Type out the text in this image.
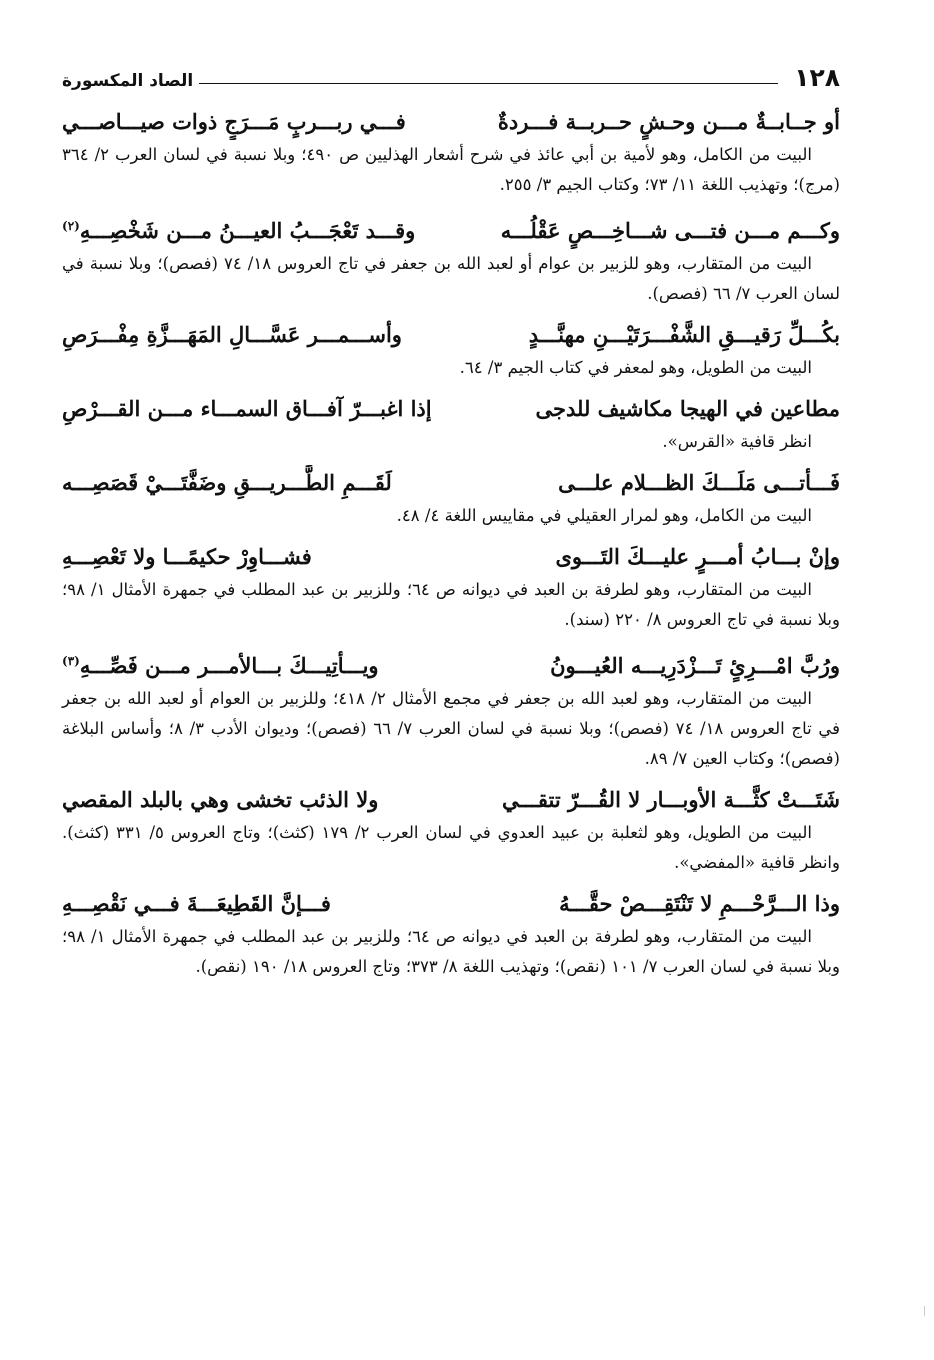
١٢٨
الصاد المكسورة
أو جــابــةٌ مـــن وحـشٍ حــربــة فـــردةٌ
فـــي ربـــربٍ مَـــرَجٍ ذوات صيـــاصـــي

البيت من الكامل، وهو لأمية بن أبي عائذ في شرح أشعار الهذليين ص ٤٩٠؛ وبلا نسبة في لسان العرب ٢/ ٣٦٤ (مرج)؛ وتهذيب اللغة ١١/ ٧٣؛ وكتاب الجيم ٣/ ٢٥٥.

وكـــم مـــن فتـــى شـــاخِـــصٍ عَقْلُـــه
وقـــد تَعْجَـــبُ العيـــنُ مـــن شَخْصِـــهِ$^{(٢)}$

البيت من المتقارب، وهو للزبير بن عوام أو لعبد الله بن جعفر في تاج العروس ١٨/ ٧٤ (فصص)؛ وبلا نسبة في لسان العرب ٧/ ٦٦ (فصص).

بكُـــلِّ رَقيـــقِ الشَّفْـــرَتَيْـــنِ مهنَّـــدٍ
وأســـمـــر عَسَّـــالِ المَهَـــزَّةِ مِفْـــرَصِ

البيت من الطويل، وهو لمعفر في كتاب الجيم ٣/ ٦٤.

مطاعين في الهيجا مكاشيف للدجى
إذا اغبـــرّ آفـــاق السمـــاء مـــن القـــرْصِ

انظر قافية «القرس».

فَـــأتـــى مَلَـــكَ الظـــلام علـــى
لَقَـــمِ الطَّـــريـــقِ وضَفَّتَـــيْ قَصَصِـــه

البيت من الكامل، وهو لمرار العقيلي في مقاييس اللغة ٤/ ٤٨.

وإنْ بـــابُ أمـــرٍ عليـــكَ التَـــوى
فشـــاوِرْ حكيمًـــا ولا تَعْصِـــهِ

البيت من المتقارب، وهو لطرفة بن العبد في ديوانه ص ٦٤؛ وللزبير بن عبد المطلب في جمهرة الأمثال ١/ ٩٨؛ وبلا نسبة في تاج العروس ٨/ ٢٢٠ (سند).

ورُبَّ امْـــرِئٍ تَـــزْدَرِيـــه العُيـــونُ
ويـــأتِيـــكَ بـــالأمـــر مـــن فَصِّـــهِ$^{(٣)}$

البيت من المتقارب، وهو لعبد الله بن جعفر في مجمع الأمثال ٢/ ٤١٨؛ وللزبير بن العوام أو لعبد الله بن جعفر في تاج العروس ١٨/ ٧٤ (فصص)؛ وبلا نسبة في لسان العرب ٧/ ٦٦ (فصص)؛ وديوان الأدب ٣/ ٨؛ وأساس البلاغة (فصص)؛ وكتاب العين ٧/ ٨٩.

شَتَـــتْ كثَّـــة الأوبـــار لا القُـــرّ تتقـــي
ولا الذئب تخشى وهي بالبلد المقصي

البيت من الطويل، وهو لثعلبة بن عبيد العدوي في لسان العرب ٢/ ١٧٩ (كثث)؛ وتاج العروس ٥/ ٣٣١ (كثث). وانظر قافية «المفضي».

وذا الـــرَّحْـــمِ لا تَنْتَقِـــصْ حقَّـــهُ
فـــإنَّ القَطِيعَـــةَ فـــي نَقْصِـــهِ

البيت من المتقارب، وهو لطرفة بن العبد في ديوانه ص ٦٤؛ وللزبير بن عبد المطلب في جمهرة الأمثال ١/ ٩٨؛ وبلا نسبة في لسان العرب ٧/ ١٠١ (نقص)؛ وتهذيب اللغة ٨/ ٣٧٣؛ وتاج العروس ١٨/ ١٩٠ (نقص).
